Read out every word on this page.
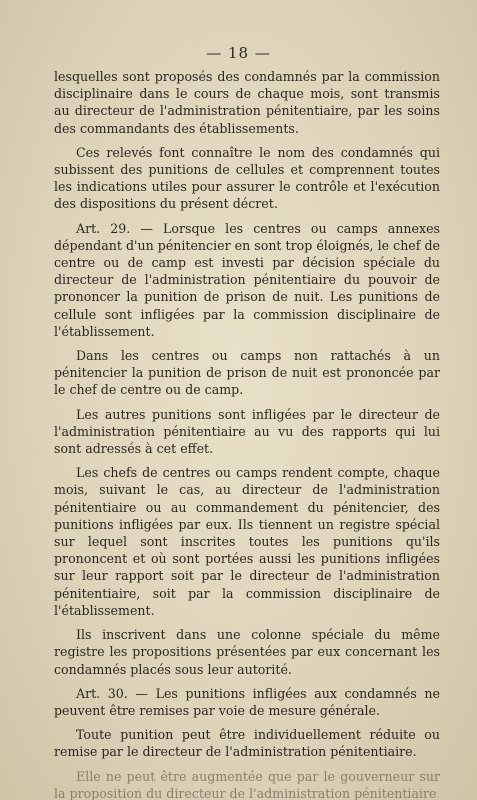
— 18 —

lesquelles sont proposés des condamnés par la commission disciplinaire dans le cours de chaque mois, sont transmis au directeur de l'administration pénitentiaire, par les soins des commandants des établissements.

Ces relevés font connaître le nom des condamnés qui subissent des punitions de cellules et comprennent toutes les indications utiles pour assurer le contrôle et l'exécution des dispositions du présent décret.

Art. 29. — Lorsque les centres ou camps annexes dépendant d'un pénitencier en sont trop éloignés, le chef de centre ou de camp est investi par décision spéciale du directeur de l'administration pénitentiaire du pouvoir de prononcer la punition de prison de nuit. Les punitions de cellule sont infligées par la commission disciplinaire de l'établissement.

Dans les centres ou camps non rattachés à un pénitencier la punition de prison de nuit est prononcée par le chef de centre ou de camp.

Les autres punitions sont infligées par le directeur de l'administration pénitentiaire au vu des rapports qui lui sont adressés à cet effet.

Les chefs de centres ou camps rendent compte, chaque mois, suivant le cas, au directeur de l'administration pénitentiaire ou au commandement du pénitencier, des punitions infligées par eux. Ils tiennent un registre spécial sur lequel sont inscrites toutes les punitions qu'ils prononcent et où sont portées aussi les punitions infligées sur leur rapport soit par le directeur de l'administration pénitentiaire, soit par la commission disciplinaire de l'établissement.

Ils inscrivent dans une colonne spéciale du même registre les propositions présentées par eux concernant les condamnés placés sous leur autorité.

Art. 30. — Les punitions infligées aux condamnés ne peuvent être remises par voie de mesure générale.

Toute punition peut être individuellement réduite ou remise par le directeur de l'administration pénitentiaire.

Elle ne peut être augmentée que par le gouverneur sur la proposition du directeur de l'administration pénitentiaire
